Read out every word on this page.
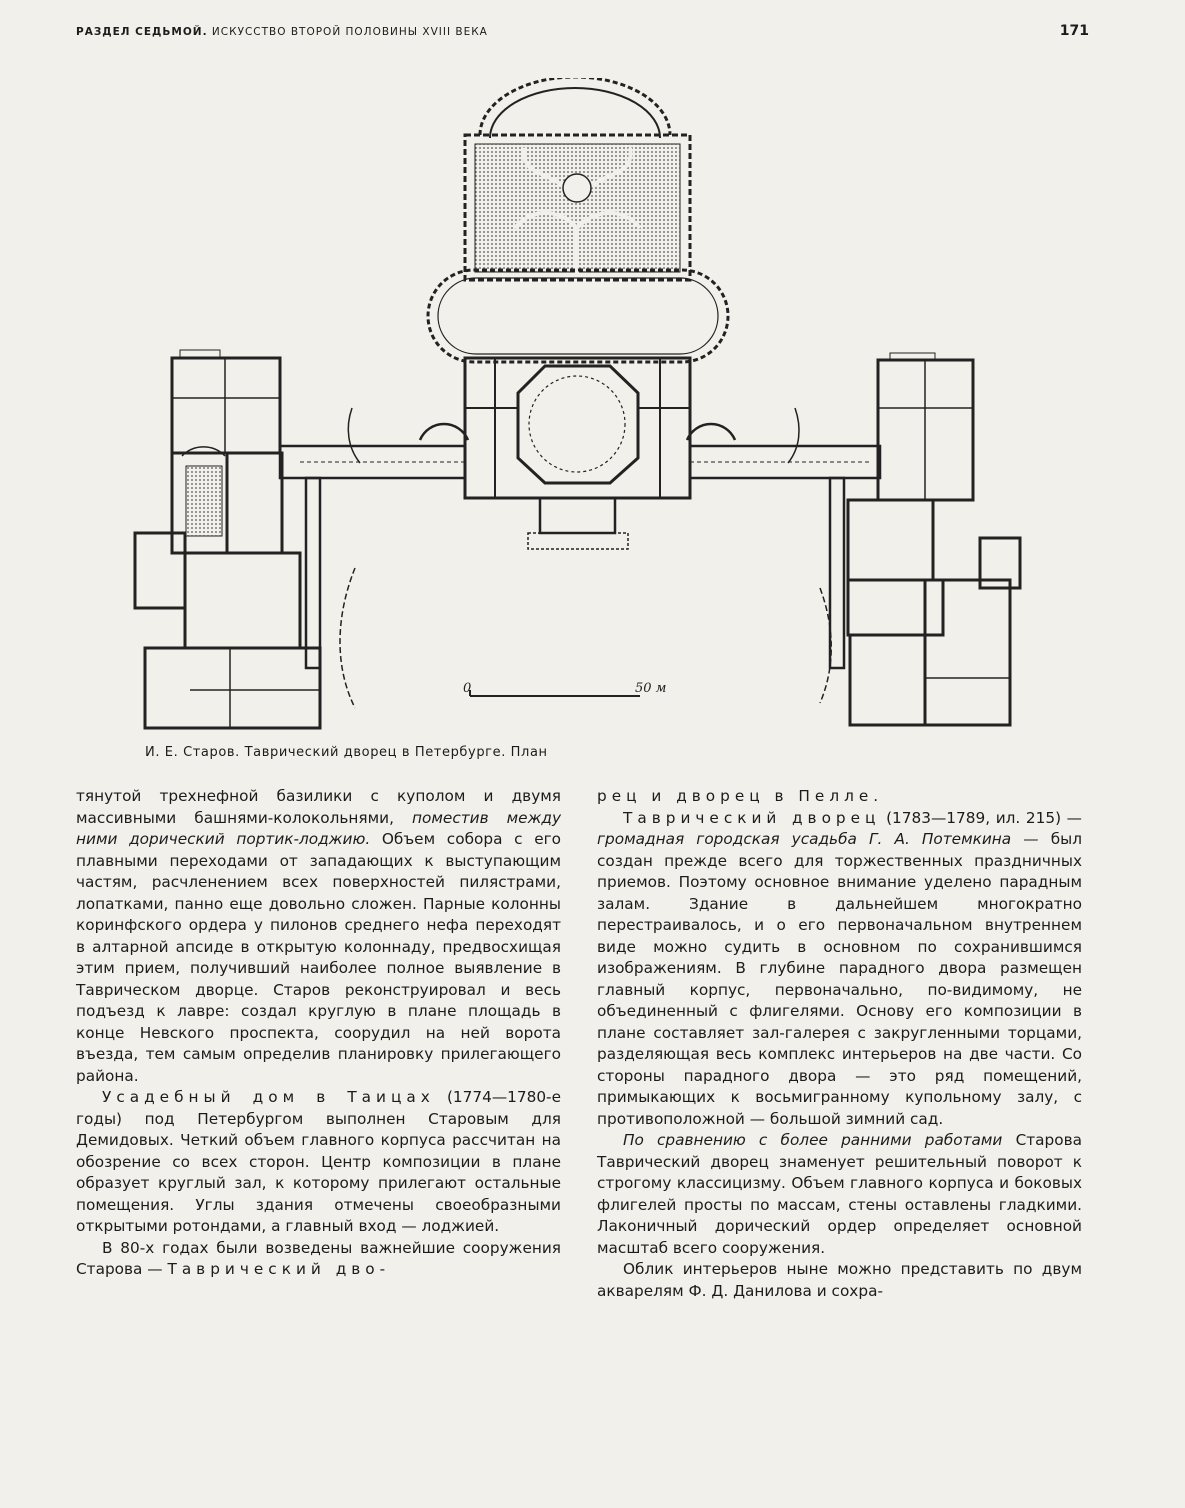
РАЗДЕЛ СЕДЬМОЙ. ИСКУССТВО ВТОРОЙ ПОЛОВИНЫ XVIII ВЕКА	171
0	50 м
И. Е. Старов. Таврический дворец в Петербурге. План

тянутой трехнефной базилики с куполом и двумя массивными башнями-колокольнями, поместив между ними дорический портик-лоджию. Объем собора с его плавными переходами от западающих к выступающим частям, расчленением всех поверхностей пилястрами, лопатками, панно еще довольно сложен. Парные колонны коринфского ордера у пилонов среднего нефа переходят в алтарной апсиде в открытую колоннаду, предвосхищая этим прием, получивший наиболее полное выявление в Таврическом дворце. Старов реконструировал и весь подъезд к лавре: создал круглую в плане площадь в конце Невского проспекта, соорудил на ней ворота въезда, тем самым определив планировку прилегающего района.

Усадебный дом в Таицах (1774—1780-е годы) под Петербургом выполнен Старовым для Демидовых. Четкий объем главного корпуса рассчитан на обозрение со всех сторон. Центр композиции в плане образует круглый зал, к которому прилегают остальные помещения. Углы здания отмечены своеобразными открытыми ротондами, а главный вход — лоджией.

В 80-х годах были возведены важнейшие сооружения Старова — Таврический дво-

рец и дворец в Пелле.

Таврический дворец (1783—1789, ил. 215) — громадная городская усадьба Г. А. Потемкина — был создан прежде всего для торжественных праздничных приемов. Поэтому основное внимание уделено парадным залам. Здание в дальнейшем многократно перестраивалось, и о его первоначальном внутреннем виде можно судить в основном по сохранившимся изображениям. В глубине парадного двора размещен главный корпус, первоначально, по-видимому, не объединенный с флигелями. Основу его композиции в плане составляет зал-галерея с закругленными торцами, разделяющая весь комплекс интерьеров на две части. Со стороны парадного двора — это ряд помещений, примыкающих к восьмигранному купольному залу, с противоположной — большой зимний сад.

По сравнению с более ранними работами Старова Таврический дворец знаменует решительный поворот к строгому классицизму. Объем главного корпуса и боковых флигелей просты по массам, стены оставлены гладкими. Лаконичный дорический ордер определяет основной масштаб всего сооружения.

Облик интерьеров ныне можно представить по двум акварелям Ф. Д. Данилова и сохра-
